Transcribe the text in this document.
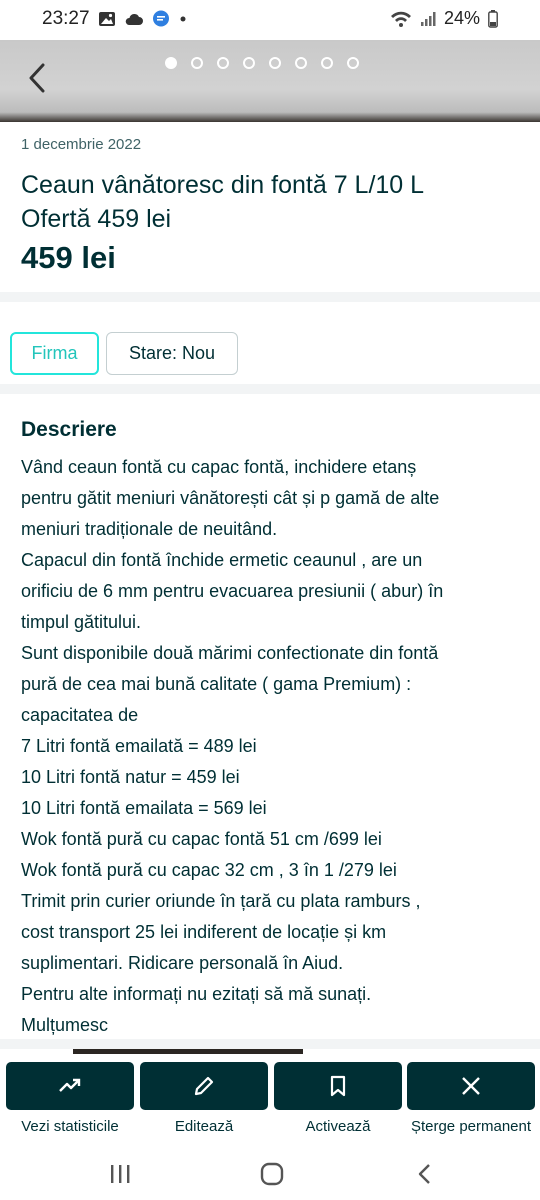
23:27	24%
1 decembrie 2022
Ceaun vânătoresc din fontă 7 L/10 L
Ofertă 459 lei
459 lei
Firma	Stare: Nou
Descriere
Vând ceaun fontă cu capac fontă, inchidere etanș
pentru gătit meniuri vânătorești cât și p gamă de alte
meniuri tradiționale de neuitând.
Capacul din fontă închide ermetic ceaunul , are un
orificiu de 6 mm pentru evacuarea presiunii ( abur) în
timpul gătitului.
Sunt disponibile două mărimi confectionate din fontă
pură de cea mai bună calitate ( gama Premium) :
capacitatea de
7 Litri fontă emailată = 489 lei
10 Litri fontă natur = 459 lei
10 Litri fontă emailata = 569 lei
Wok fontă pură cu capac fontă 51 cm /699 lei
Wok fontă pură cu capac 32 cm , 3 în 1 /279 lei
Trimit prin curier oriunde în țară cu plata ramburs ,
cost transport 25 lei indiferent de locație și km
suplimentari. Ridicare personală în Aiud.
Pentru alte informați nu ezitați să mă sunați.
Mulțumesc
Vezi statisticile	Editează	Activează	Șterge permanent
